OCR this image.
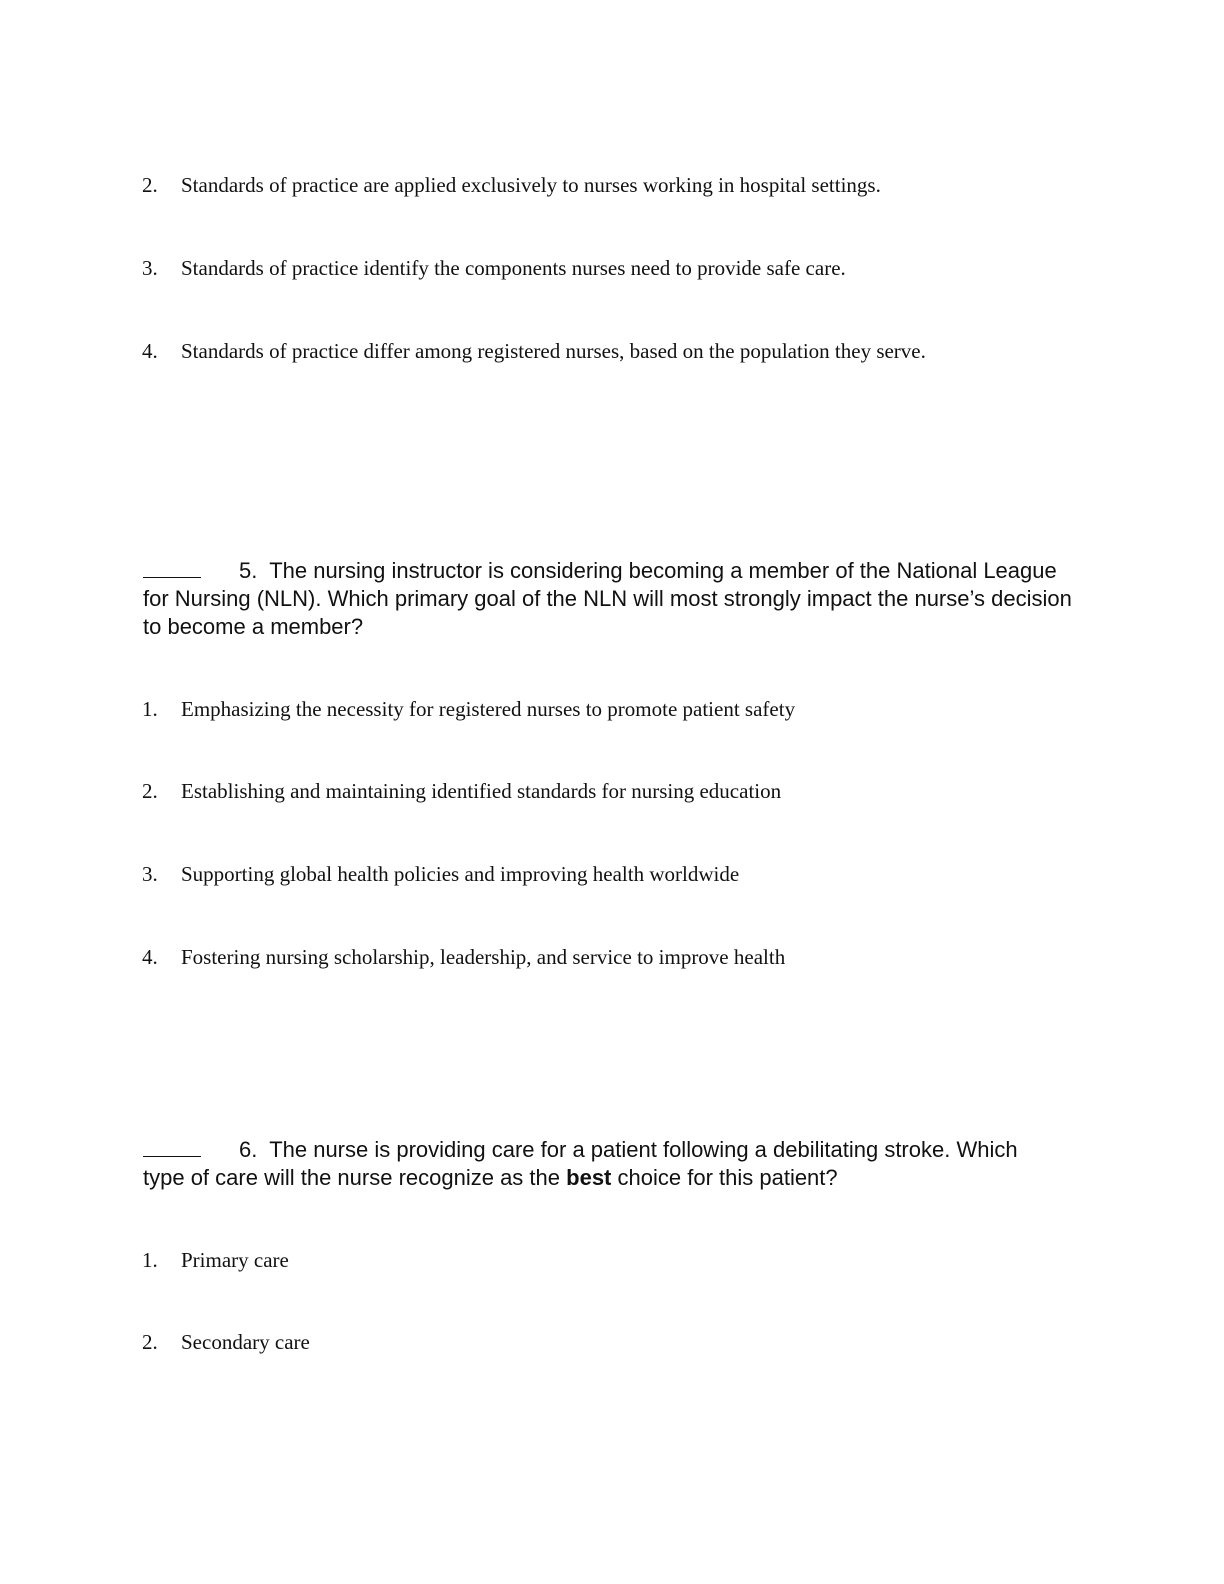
2.	Standards of practice are applied exclusively to nurses working in hospital settings.
3.	Standards of practice identify the components nurses need to provide safe care.
4.	Standards of practice differ among registered nurses, based on the population they serve.
5. The nursing instructor is considering becoming a member of the National League for Nursing (NLN). Which primary goal of the NLN will most strongly impact the nurse’s decision to become a member?
1.	Emphasizing the necessity for registered nurses to promote patient safety
2.	Establishing and maintaining identified standards for nursing education
3.	Supporting global health policies and improving health worldwide
4.	Fostering nursing scholarship, leadership, and service to improve health
6. The nurse is providing care for a patient following a debilitating stroke. Which type of care will the nurse recognize as the best choice for this patient?
1.	Primary care
2.	Secondary care
